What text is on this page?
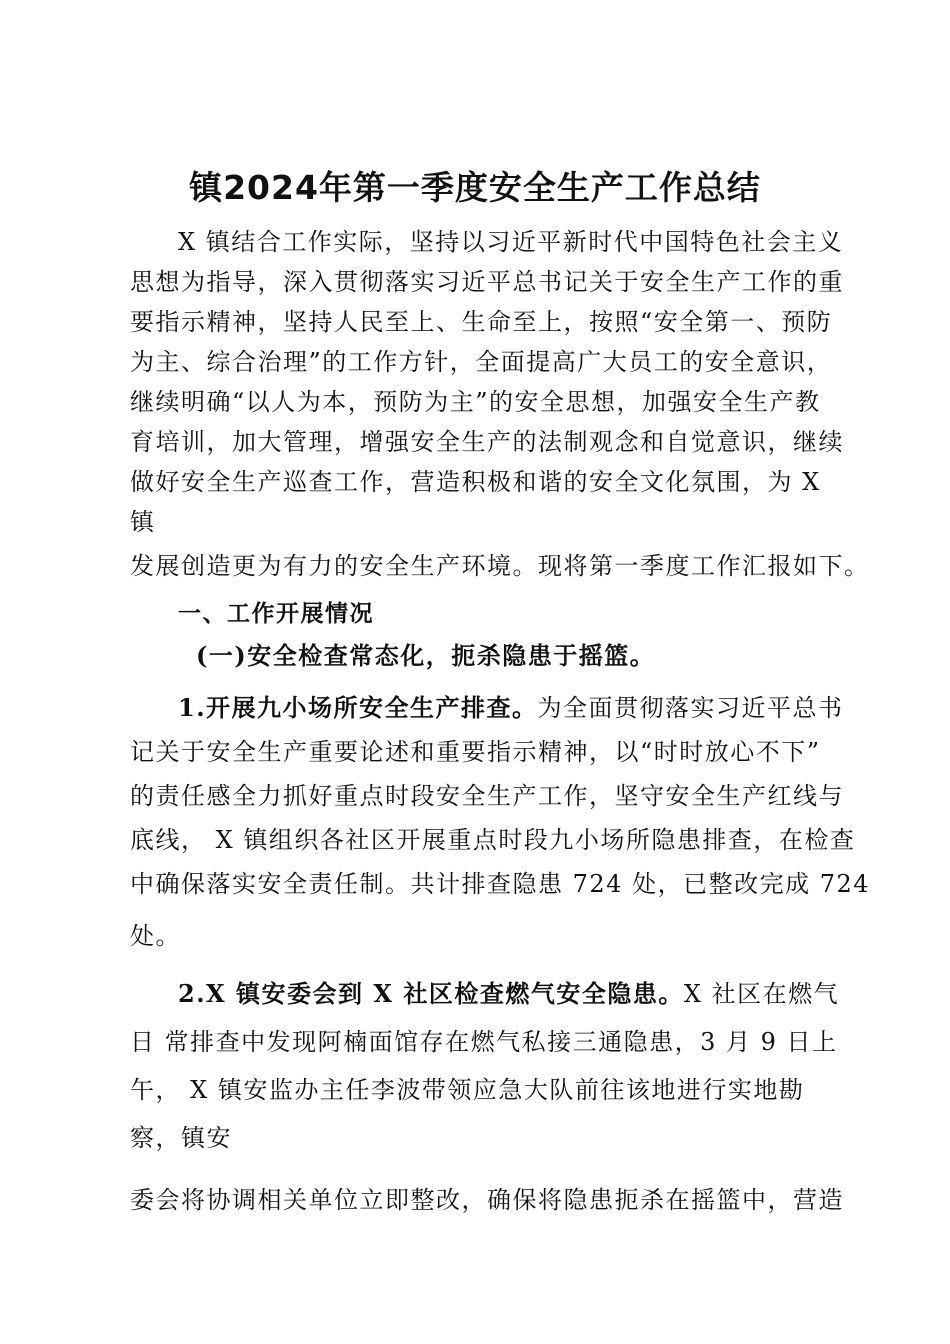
镇2024年第一季度安全生产工作总结
X 镇结合工作实际，坚持以习近平新时代中国特色社会主义
思想为指导，深入贯彻落实习近平总书记关于安全生产工作的重
要指示精神，坚持人民至上、生命至上，按照“安全第一、预防
为主、综合治理”的工作方针，全面提高广大员工的安全意识，
继续明确“以人为本，预防为主”的安全思想，加强安全生产教
育培训，加大管理，增强安全生产的法制观念和自觉意识，继续
做好安全生产巡查工作，营造积极和谐的安全文化氛围，为 X
镇
发展创造更为有力的安全生产环境。现将第一季度工作汇报如下。
一、工作开展情况
(一)安全检查常态化，扼杀隐患于摇篮。
1.开展九小场所安全生产排查。为全面贯彻落实习近平总书
记关于安全生产重要论述和重要指示精神，以“时时放心不下”
的责任感全力抓好重点时段安全生产工作，坚守安全生产红线与
底线， X 镇组织各社区开展重点时段九小场所隐患排查，在检查
中确保落实安全责任制。共计排查隐患 724 处，已整改完成 724
处。
2.X 镇安委会到 X 社区检查燃气安全隐患。X 社区在燃气
日 常排查中发现阿楠面馆存在燃气私接三通隐患，3 月 9 日上
午， X 镇安监办主任李波带领应急大队前往该地进行实地勘
察，镇安
委会将协调相关单位立即整改，确保将隐患扼杀在摇篮中，营造
